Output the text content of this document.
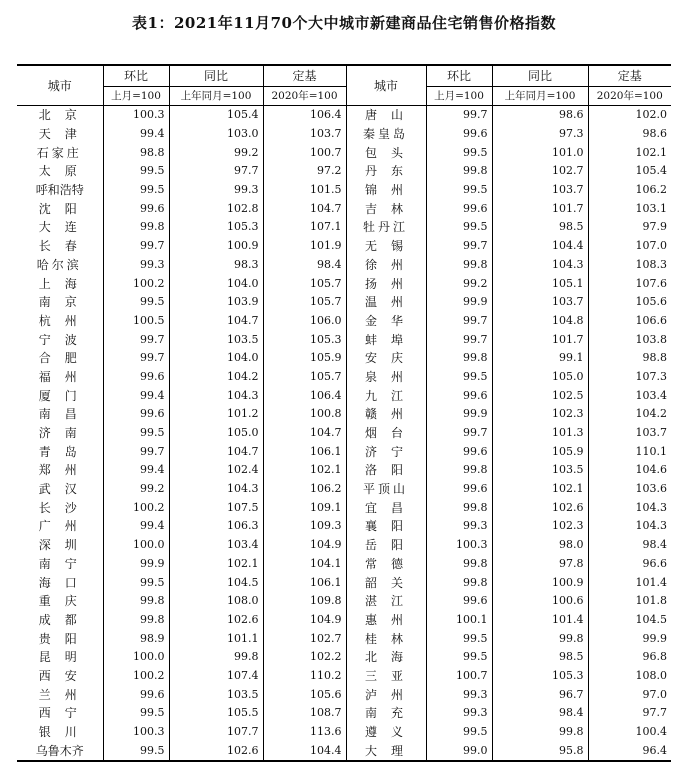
表1：2021年11月70个大中城市新建商品住宅销售价格指数
城市	环比	同比	定基	城市	环比	同比	定基
	上月=100	上年同月=100	2020年=100		上月=100	上年同月=100	2020年=100
北京	100.3	105.4	106.4	唐山	99.7	98.6	102.0
天津	99.4	103.0	103.7	秦皇岛	99.6	97.3	98.6
石家庄	98.8	99.2	100.7	包头	99.5	101.0	102.1
太原	99.5	97.7	97.2	丹东	99.8	102.7	105.4
呼和浩特	99.5	99.3	101.5	锦州	99.5	103.7	106.2
沈阳	99.6	102.8	104.7	吉林	99.6	101.7	103.1
大连	99.8	105.3	107.1	牡丹江	99.5	98.5	97.9
长春	99.7	100.9	101.9	无锡	99.7	104.4	107.0
哈尔滨	99.3	98.3	98.4	徐州	99.8	104.3	108.3
上海	100.2	104.0	105.7	扬州	99.2	105.1	107.6
南京	99.5	103.9	105.7	温州	99.9	103.7	105.6
杭州	100.5	104.7	106.0	金华	99.7	104.8	106.6
宁波	99.7	103.5	105.3	蚌埠	99.7	101.7	103.8
合肥	99.7	104.0	105.9	安庆	99.8	99.1	98.8
福州	99.6	104.2	105.7	泉州	99.5	105.0	107.3
厦门	99.4	104.3	106.4	九江	99.6	102.5	103.4
南昌	99.6	101.2	100.8	赣州	99.9	102.3	104.2
济南	99.5	105.0	104.7	烟台	99.7	101.3	103.7
青岛	99.7	104.7	106.1	济宁	99.6	105.9	110.1
郑州	99.4	102.4	102.1	洛阳	99.8	103.5	104.6
武汉	99.2	104.3	106.2	平顶山	99.6	102.1	103.6
长沙	100.2	107.5	109.1	宜昌	99.8	102.6	104.3
广州	99.4	106.3	109.3	襄阳	99.3	102.3	104.3
深圳	100.0	103.4	104.9	岳阳	100.3	98.0	98.4
南宁	99.9	102.1	104.1	常德	99.8	97.8	96.6
海口	99.5	104.5	106.1	韶关	99.8	100.9	101.4
重庆	99.8	108.0	109.8	湛江	99.6	100.6	101.8
成都	99.8	102.6	104.9	惠州	100.1	101.4	104.5
贵阳	98.9	101.1	102.7	桂林	99.5	99.8	99.9
昆明	100.0	99.8	102.2	北海	99.5	98.5	96.8
西安	100.2	107.4	110.2	三亚	100.7	105.3	108.0
兰州	99.6	103.5	105.6	泸州	99.3	96.7	97.0
西宁	99.5	105.5	108.7	南充	99.3	98.4	97.7
银川	100.3	107.7	113.6	遵义	99.5	99.8	100.4
乌鲁木齐	99.5	102.6	104.4	大理	99.0	95.8	96.4
